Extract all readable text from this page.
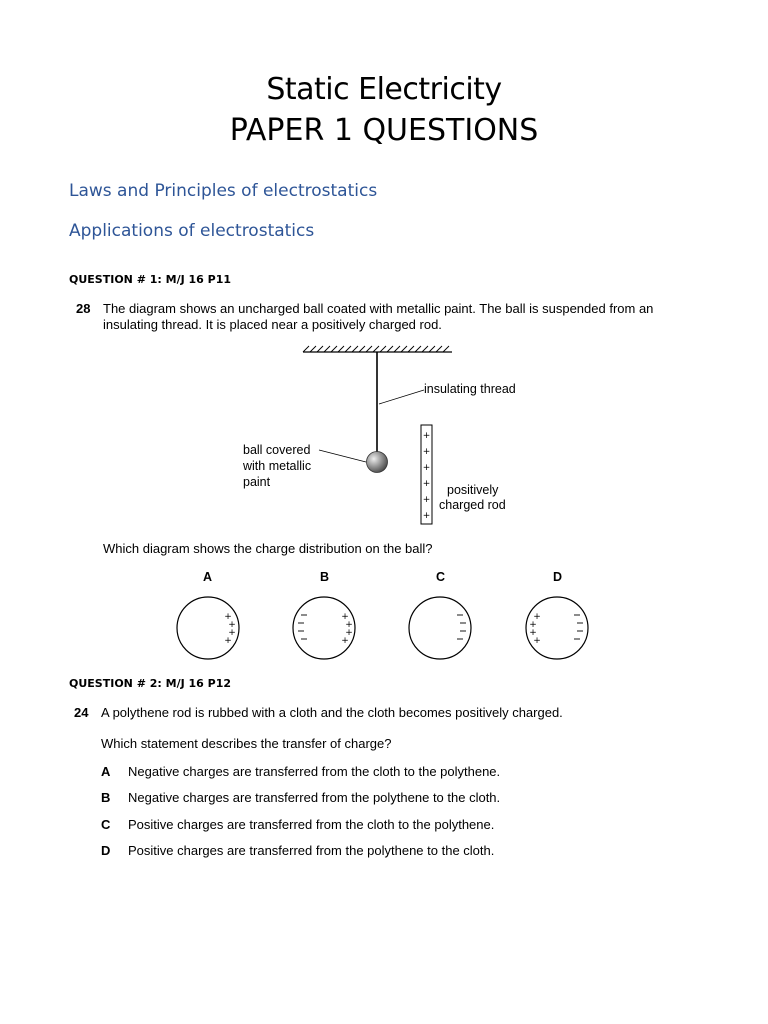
Static Electricity
PAPER 1 QUESTIONS
Laws and Principles of electrostatics
Applications of electrostatics
QUESTION # 1: M/J 16 P11
28 The diagram shows an uncharged ball coated with metallic paint. The ball is suspended from an
insulating thread. It is placed near a positively charged rod.
+
+
+
+
+
+
+
+
+
+
+
+
+
+
+
+
+
+
insulating thread
ball covered
with metallic
paint
positively
charged rod
Which diagram shows the charge distribution on the ball?
A	B	C	D
QUESTION # 2: M/J 16 P12
24 A polythene rod is rubbed with a cloth and the cloth becomes positively charged.
Which statement describes the transfer of charge?
A Negative charges are transferred from the cloth to the polythene.
B Negative charges are transferred from the polythene to the cloth.
C Positive charges are transferred from the cloth to the polythene.
D Positive charges are transferred from the polythene to the cloth.
